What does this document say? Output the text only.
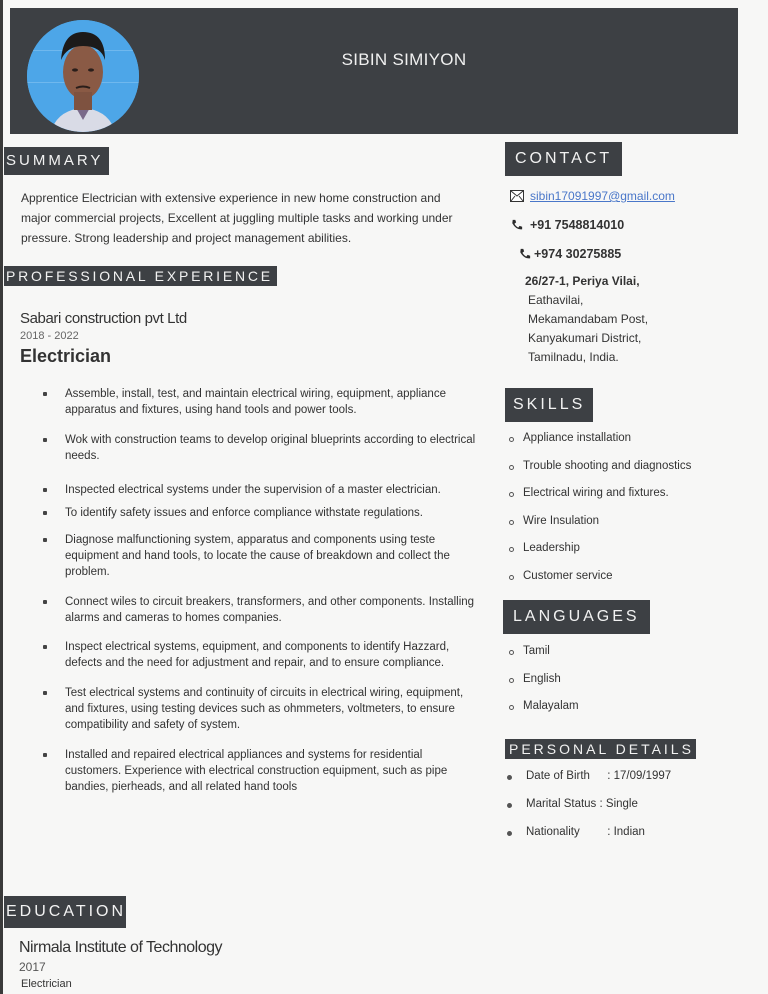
SIBIN SIMIYON
SUMMARY
Apprentice Electrician with extensive experience in new home construction and major commercial projects, Excellent at juggling multiple tasks and working under pressure. Strong leadership and project management abilities.
PROFESSIONAL EXPERIENCE
Sabari construction pvt Ltd
2018 - 2022
Electrician
Assemble, install, test, and maintain electrical wiring, equipment, appliance apparatus and fixtures, using hand tools and power tools.
Wok with construction teams to develop original blueprints according to electrical needs.
Inspected electrical systems under the supervision of a master electrician.
To identify safety issues and enforce compliance withstate regulations.
Diagnose malfunctioning system, apparatus and components using teste equipment and hand tools, to locate the cause of breakdown and collect the problem.
Connect wiles to circuit breakers, transformers, and other components. Installing alarms and cameras to homes companies.
Inspect electrical systems, equipment, and components to identify Hazzard, defects and the need for adjustment and repair, and to ensure compliance.
Test electrical systems and continuity of circuits in electrical wiring, equipment, and fixtures, using testing devices such as ohmmeters, voltmeters, to ensure compatibility and safety of system.
Installed and repaired electrical appliances and systems for residential customers. Experience with electrical construction equipment, such as pipe bandies, pierheads, and all related hand tools
EDUCATION
Nirmala Institute of Technology
2017
Electrician
CONTACT
sibin17091997@gmail.com
+91 7548814010
+974 30275885
26/27-1, Periya Vilai,
Eathavilai,
Mekamandabam Post,
Kanyakumari District,
Tamilnadu, India.
SKILLS
Appliance installation
Trouble shooting and diagnostics
Electrical wiring and fixtures.
Wire Insulation
Leadership
Customer service
LANGUAGES
Tamil
English
Malayalam
PERSONAL DETAILS
Date of Birth : 17/09/1997
Marital Status : Single
Nationality : Indian
